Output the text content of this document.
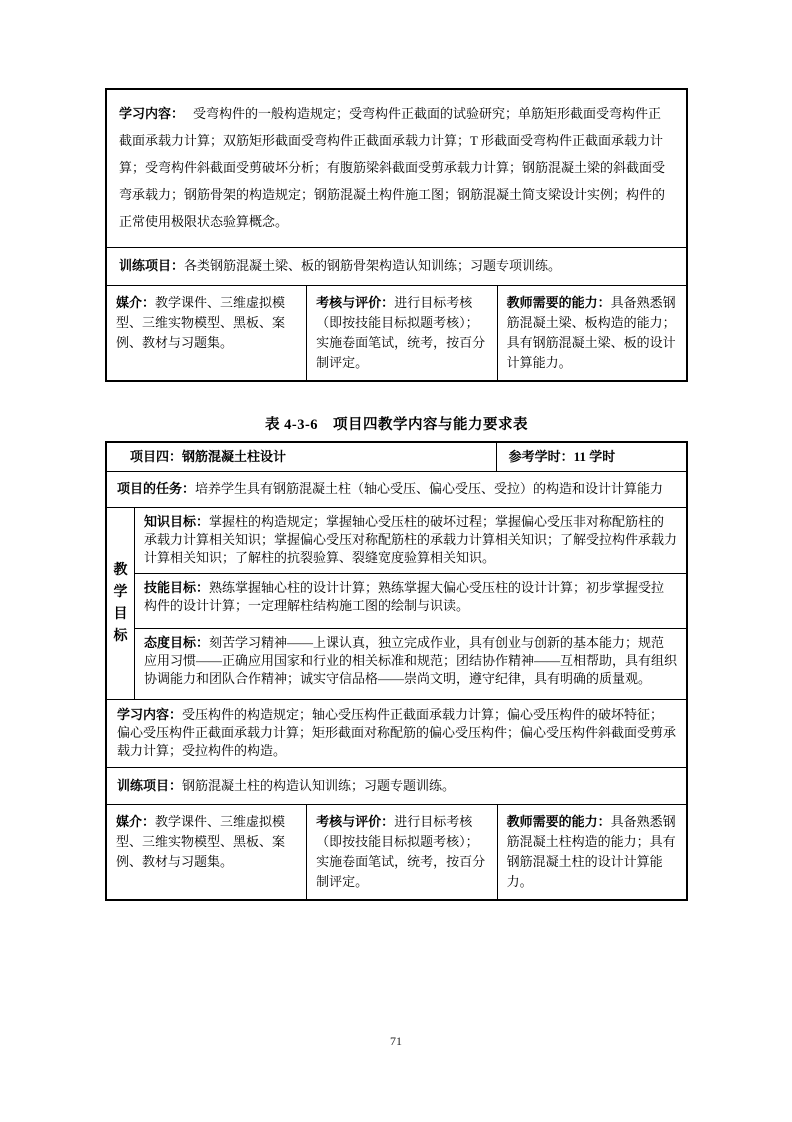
学习内容： 受弯构件的一般构造规定；受弯构件正截面的试验研究；单筋矩形截面受弯构件正截面承载力计算；双筋矩形截面受弯构件正截面承载力计算；T 形截面受弯构件正截面承载力计算；受弯构件斜截面受剪破坏分析；有腹筋梁斜截面受剪承载力计算；钢筋混凝土梁的斜截面受弯承载力；钢筋骨架的构造规定；钢筋混凝土构件施工图；钢筋混凝土简支梁设计实例；构件的正常使用极限状态验算概念。
训练项目：各类钢筋混凝土梁、板的钢筋骨架构造认知训练；习题专项训练。
媒介：教学课件、三维虚拟模型、三维实物模型、黑板、案例、教材与习题集。
考核与评价：进行目标考核（即按技能目标拟题考核）；实施卷面笔试，统考，按百分制评定。
教师需要的能力：具备熟悉钢筋混凝土梁、板构造的能力；具有钢筋混凝土梁、板的设计计算能力。
表 4-3-6　项目四教学内容与能力要求表
项目四：钢筋混凝土柱设计	参考学时：11 学时
项目的任务：培养学生具有钢筋混凝土柱（轴心受压、偏心受压、受拉）的构造和设计计算能力
教学目标
知识目标：掌握柱的构造规定；掌握轴心受压柱的破坏过程；掌握偏心受压非对称配筋柱的承载力计算相关知识；掌握偏心受压对称配筋柱的承载力计算相关知识；了解受拉构件承载力计算相关知识；了解柱的抗裂验算、裂缝宽度验算相关知识。
技能目标：熟练掌握轴心柱的设计计算；熟练掌握大偏心受压柱的设计计算；初步掌握受拉构件的设计计算；一定理解柱结构施工图的绘制与识读。
态度目标：刻苦学习精神——上课认真，独立完成作业，具有创业与创新的基本能力；规范应用习惯——正确应用国家和行业的相关标准和规范；团结协作精神——互相帮助，具有组织协调能力和团队合作精神；诚实守信品格——崇尚文明，遵守纪律，具有明确的质量观。
学习内容：受压构件的构造规定；轴心受压构件正截面承载力计算；偏心受压构件的破坏特征；偏心受压构件正截面承载力计算；矩形截面对称配筋的偏心受压构件；偏心受压构件斜截面受剪承载力计算；受拉构件的构造。
训练项目：钢筋混凝土柱的构造认知训练；习题专题训练。
媒介：教学课件、三维虚拟模型、三维实物模型、黑板、案例、教材与习题集。
考核与评价：进行目标考核（即按技能目标拟题考核）；实施卷面笔试，统考，按百分制评定。
教师需要的能力：具备熟悉钢筋混凝土柱构造的能力；具有钢筋混凝土柱的设计计算能力。
71
